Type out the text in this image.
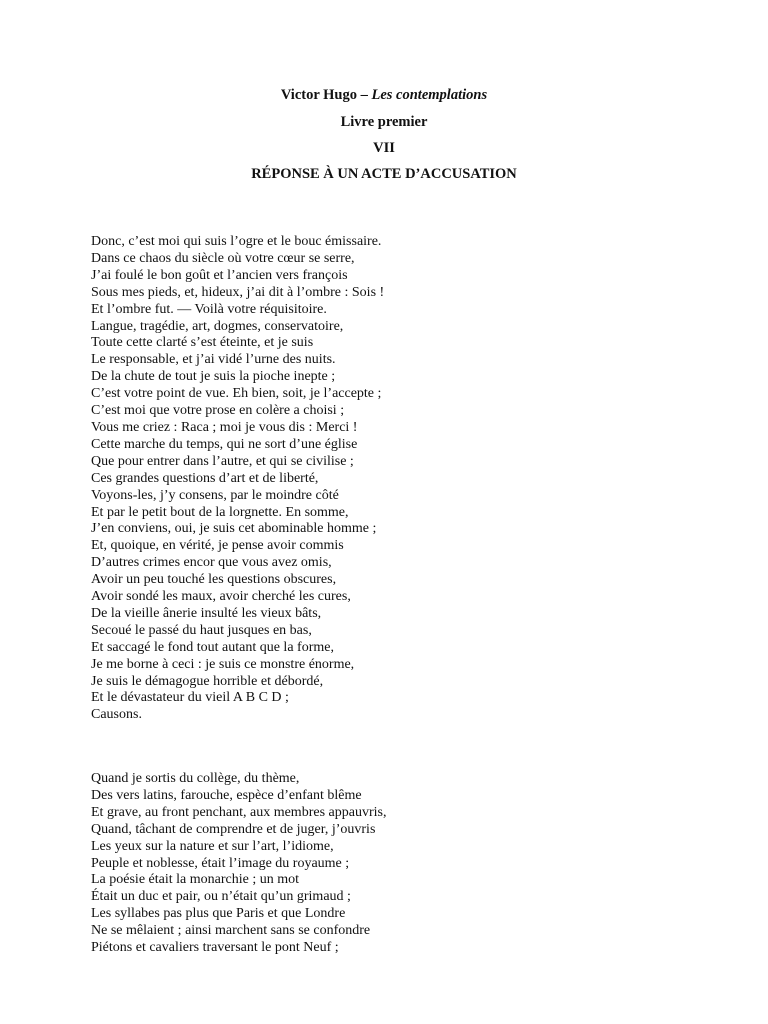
Victor Hugo – Les contemplations
Livre premier
VII
RÉPONSE À UN ACTE D’ACCUSATION
Donc, c’est moi qui suis l’ogre et le bouc émissaire.
Dans ce chaos du siècle où votre cœur se serre,
J’ai foulé le bon goût et l’ancien vers françois
Sous mes pieds, et, hideux, j’ai dit à l’ombre : Sois !
Et l’ombre fut. — Voilà votre réquisitoire.
Langue, tragédie, art, dogmes, conservatoire,
Toute cette clarté s’est éteinte, et je suis
Le responsable, et j’ai vidé l’urne des nuits.
De la chute de tout je suis la pioche inepte ;
C’est votre point de vue. Eh bien, soit, je l’accepte ;
C’est moi que votre prose en colère a choisi ;
Vous me criez : Raca ; moi je vous dis : Merci !
Cette marche du temps, qui ne sort d’une église
Que pour entrer dans l’autre, et qui se civilise ;
Ces grandes questions d’art et de liberté,
Voyons-les, j’y consens, par le moindre côté
Et par le petit bout de la lorgnette. En somme,
J’en conviens, oui, je suis cet abominable homme ;
Et, quoique, en vérité, je pense avoir commis
D’autres crimes encor que vous avez omis,
Avoir un peu touché les questions obscures,
Avoir sondé les maux, avoir cherché les cures,
De la vieille ânerie insulté les vieux bâts,
Secoué le passé du haut jusques en bas,
Et saccagé le fond tout autant que la forme,
Je me borne à ceci : je suis ce monstre énorme,
Je suis le démagogue horrible et débordé,
Et le dévastateur du vieil A B C D ;
Causons.
Quand je sortis du collège, du thème,
Des vers latins, farouche, espèce d’enfant blême
Et grave, au front penchant, aux membres appauvris,
Quand, tâchant de comprendre et de juger, j’ouvris
Les yeux sur la nature et sur l’art, l’idiome,
Peuple et noblesse, était l’image du royaume ;
La poésie était la monarchie ; un mot
Était un duc et pair, ou n’était qu’un grimaud ;
Les syllabes pas plus que Paris et que Londre
Ne se mêlaient ; ainsi marchent sans se confondre
Piétons et cavaliers traversant le pont Neuf ;
